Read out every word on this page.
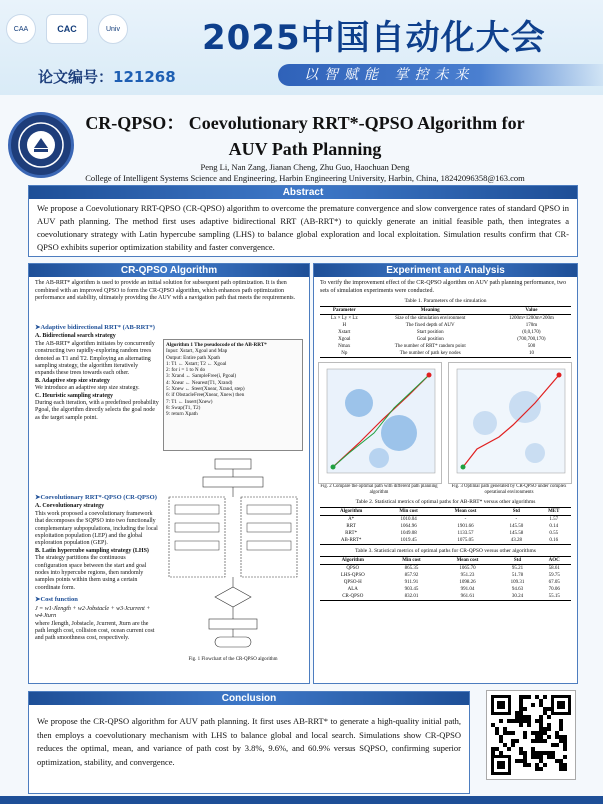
CAA	CAC	Univ 2025中国自动化大会
论文编号：121268	以智赋能 掌控未来
CR-QPSO： Coevolutionary RRT*-QPSO Algorithm for
AUV Path Planning
Peng Li, Nan Zang, Jianan Cheng, Zhu Guo, Haochuan Deng
College of Intelligent Systems Science and Engineering, Harbin Engineering University, Harbin, China, 18242096358@163.com
Abstract

We propose a Coevolutionary RRT-QPSO (CR-QPSO) algorithm to overcome the premature convergence and slow convergence rates of standard QPSO in AUV path planning. The method first uses adaptive bidirectional RRT (AB-RRT*) to quickly generate an initial feasible path, then integrates a coevolutionary strategy with Latin hypercube sampling (LHS) to balance global exploration and local exploitation. Simulation results confirm that CR-QPSO exhibits superior optimization stability and faster convergence.

CR-QPSO Algorithm
The AB-RRT* algorithm is used to provide an initial solution for subsequent path optimization. It is then combined with an improved QPSO to form the CR-QPSO algorithm, which enhances path optimization performance and stability, ultimately providing the AUV with a navigation path that meets the requirements.
➤Adaptive bidirectional RRT* (AB-RRT*)
A. Bidirectional search strategy
The AB-RRT* algorithm initiates by concurrently constructing two rapidly-exploring random trees denoted as T1 and T2. Employing an alternating sampling strategy, the algorithm iteratively expands these trees towards each other.
B. Adaptive step size strategy
We introduce an adaptive step size strategy.
C. Heuristic sampling strategy
During each iteration, with a predefined probability Pgoal, the algorithm directly selects the goal node as the target sample point.
➤Coevolutionary RRT*-QPSO (CR-QPSO)
A. Coevolutionary strategy
This work proposed a coevolutionary framework that decomposes the SQPSO into two functionally complementary subpopulations, including the local exploitation population (LEP) and the global exploration population (GEP).
B. Latin hypercube sampling strategy (LHS)
The strategy partitions the continuous configuration space between the start and goal nodes into hypercube regions, then randomly samples points within them using a certain coordinate form.
➤Cost function
J = w1·Jlength + w2·Jobstacle + w3·Jcurrent + w4·Jturn
where Jlength, Jobstacle, Jcurrent, Jturn are the path length cost, collision cost, ocean current cost and path smoothness cost, respectively.
Algorithm 1 The pseudocode of the AB-RRT*
Input: Xstart, Xgoal and Map
Output: Entire path Xpath
1: T1 ← Xstart; T2 ← Xgoal
2: for i = 1 to N do
3: Xrand ← SampleFree(i, Pgoal)
4: Xnear ← Nearest(T1, Xrand)
5: Xnew ← Steer(Xnear, Xrand, step)
6: if ObstacleFree(Xnear, Xnew) then
7: T1 ← Insert(Xnew)
8: Swap(T1, T2)
9: return Xpath
Fig. 1 Flowchart of the CR-QPSO algorithm
Experiment and Analysis
To verify the improvement effect of the CR-QPSO algorithm on AUV path planning performance, two sets of simulation experiments were conducted.
Table 1. Parameters of the simulation
Parameter	Meaning	Value
Lx × Ly × Lz	Size of the simulation environment	1200m×1200m×200m
H	The fixed depth of AUV	170m
Xstart	Start position	(0,0,170)
Xgoal	Goal position	(700,700,170)
Nmax	The number of RRT* random point	500
Np	The number of path key nodes	10
Fig. 2 Compare the optimal path with different path planning algorithm
Fig. 3 Optimal path generated by CR-QPSO under complex operational environments
Table 2. Statistical metrics of optimal paths for AB-RRT* versus other algorithms
Algorithm	Min cost	Mean cost	Std	MET
A*	1010.04	-	-	1.57
RRT	1064.96	1901.66	145.50	0.14
RRT*	1049.08	1133.57	145.58	0.55
AB-RRT*	1019.45	1075.05	43.28	0.16
Table 3. Statistical metrics of optimal paths for CR-QPSO versus other algorithms
Algorithm	Min cost	Mean cost	Std	AOC
QPSO	865.35	1065.70	95.21	58.61
LHS-QPSO	857.92	951.23	51.78	59.75
QPSO-H	911.91	1098.26	109.31	67.05
ALA	903.45	991.04	94.63	70.06
CR-QPSO	832.01	961.61	30.24	55.15
Conclusion

We propose the CR-QPSO algorithm for AUV path planning. It first uses AB-RRT* to generate a high-quality initial path, then employs a coevolutionary mechanism with LHS to balance global and local search. Simulations show CR-QPSO reduces the optimal, mean, and variance of path cost by 3.8%, 9.6%, and 60.9% versus SQPSO, confirming superior optimization, stability, and convergence.
